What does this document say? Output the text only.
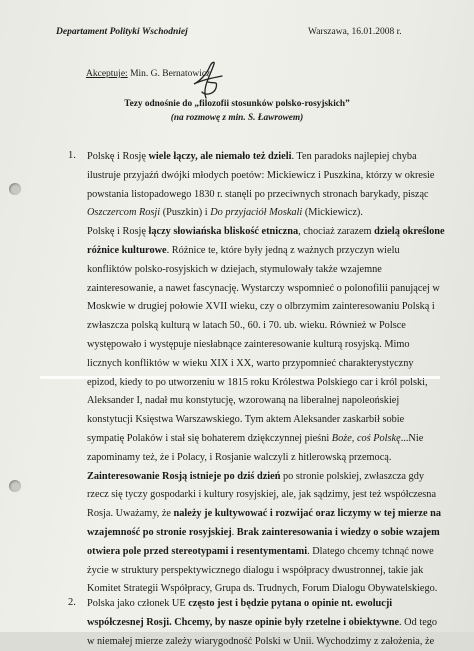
Departament Polityki Wschodniej	Warszawa, 16.01.2008 r.
Akceptuje: Min. G. Bernatowicz
Tezy odnośnie do „filozofii stosunków polsko-rosyjskich”
(na rozmowę z min. S. Ławrowem)
1. Polskę i Rosję wiele łączy, ale niemało też dzieli. Ten paradoks najlepiej chyba

ilustruje przyjaźń dwójki młodych poetów: Mickiewicz i Puszkina, którzy w okresie

powstania listopadowego 1830 r. stanęli po przeciwnych stronach barykady, pisząc

Oszczercom Rosji (Puszkin) i Do przyjaciół Moskali (Mickiewicz).

Polskę i Rosję łączy słowiańska bliskość etniczna, chociaż zarazem dzielą określone

różnice kulturowe. Różnice te, które były jedną z ważnych przyczyn wielu

konfliktów polsko-rosyjskich w dziejach, stymulowały także wzajemne

zainteresowanie, a nawet fascynację. Wystarczy wspomnieć o polonofilii panującej w

Moskwie w drugiej połowie XVII wieku, czy o olbrzymim zainteresowaniu Polską i

zwłaszcza polską kulturą w latach 50., 60. i 70. ub. wieku. Również w Polsce

występowało i występuje niesłabnące zainteresowanie kulturą rosyjską. Mimo

licznych konfliktów w wieku XIX i XX, warto przypomnieć charakterystyczny

epizod, kiedy to po utworzeniu w 1815 roku Królestwa Polskiego car i król polski,

Aleksander I, nadał mu konstytucję, wzorowaną na liberalnej napoleońskiej

konstytucji Księstwa Warszawskiego. Tym aktem Aleksander zaskarbił sobie

sympatię Polaków i stał się bohaterem dziękczynnej pieśni Boże, coś Polskę...Nie

zapominamy też, że i Polacy, i Rosjanie walczyli z hitlerowską przemocą.

Zainteresowanie Rosją istnieje po dziś dzień po stronie polskiej, zwłaszcza gdy

rzecz się tyczy gospodarki i kultury rosyjskiej, ale, jak sądzimy, jest też współczesna

Rosja. Uważamy, że należy je kultywować i rozwijać oraz liczymy w tej mierze na

wzajemność po stronie rosyjskiej. Brak zainteresowania i wiedzy o sobie wzajem

otwiera pole przed stereotypami i resentymentami. Dlatego chcemy tchnąć nowe

życie w struktury perspektywicznego dialogu i współpracy dwustronnej, takie jak

Komitet Strategii Współpracy, Grupa ds. Trudnych, Forum Dialogu Obywatelskiego.

2. Polska jako członek UE często jest i będzie pytana o opinie nt. ewolucji

współczesnej Rosji. Chcemy, by nasze opinie były rzetelne i obiektywne. Od tego

w niemałej mierze zależy wiarygodność Polski w Unii. Wychodzimy z założenia, że
